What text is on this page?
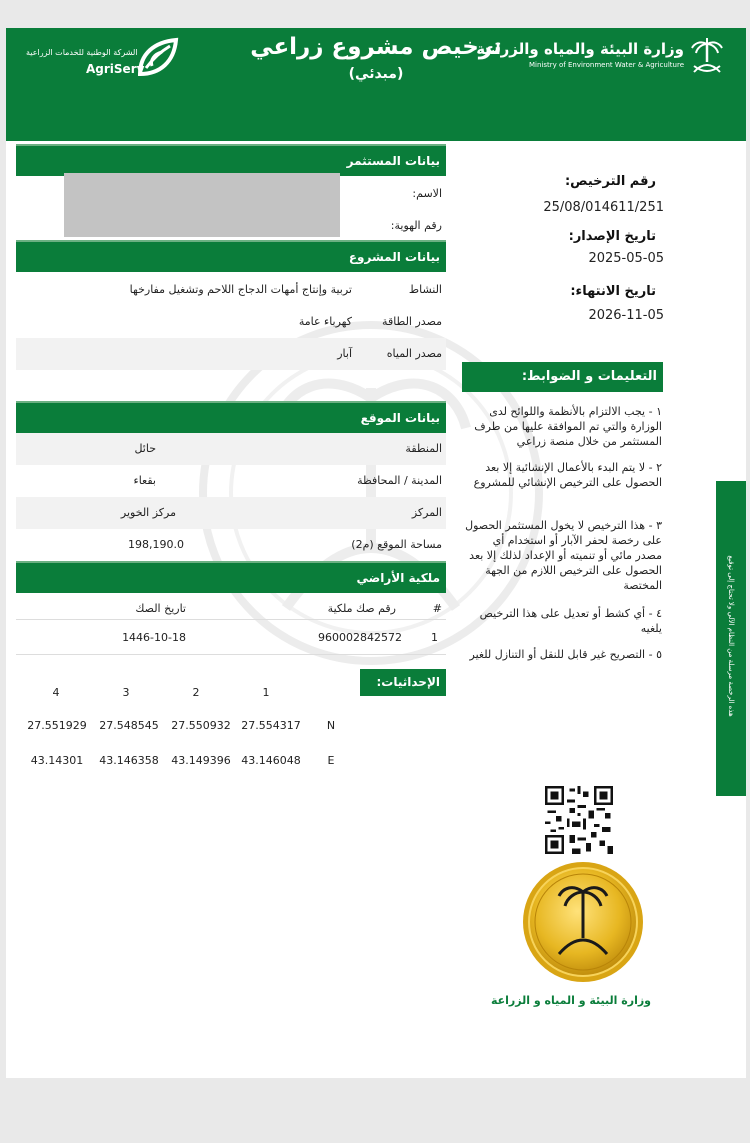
الشركة الوطنية للخدمات الزراعية
AgriServ
ترخيص مشروع زراعي
(مبدئي)
وزارة البيئة والمياه والزراعة
Ministry of Environment Water & Agriculture
بيانات المستثمر
الاسم:
رقم الهوية:
بيانات المشروع
النشاط
تربية وإنتاج أمهات الدجاج اللاحم وتشغيل مفارخها
مصدر الطاقة
كهرباء عامة
مصدر المياه
آبار
بيانات الموقع
المنطقة
حائل
المدينة / المحافظة
بقعاء
المركز
مركز الخوير
مساحة الموقع (م2)
198,190.0
ملكية الأراضي
#
رقم صك ملكية
تاريخ الصك
1
960002842572
1446-10-18
الإحداثيات:
1
2
3
4
N
27.554317
27.550932
27.548545
27.551929
E
43.146048
43.149396
43.146358
43.14301
رقم الترخيص:
25/08/014611/251
تاريخ الإصدار:
2025-05-05
تاريخ الانتهاء:
2026-11-05
التعليمات و الضوابط:
١ - يجب الالتزام بالأنظمة واللوائح لدى الوزارة والتي تم الموافقة عليها من طرف المستثمر من خلال منصة زراعي
٢ - لا يتم البدء بالأعمال الإنشائية إلا بعد الحصول على الترخيص الإنشائي للمشروع
٣ - هذا الترخيص لا يخول المستثمر الحصول على رخصة لحفر الآبار أو استخدام أي مصدر مائي أو تنميته أو الإعداد لذلك إلا بعد الحصول على الترخيص اللازم من الجهة المختصة
٤ - أي كشط أو تعديل على هذا الترخيص يلغيه
٥ - التصريح غير قابل للنقل أو التنازل للغير	هذه الرخصة مرسلة من النظام الآلي ولا تحتاج إلى توقيع
وزارة البيئة و المياه و الزراعة
